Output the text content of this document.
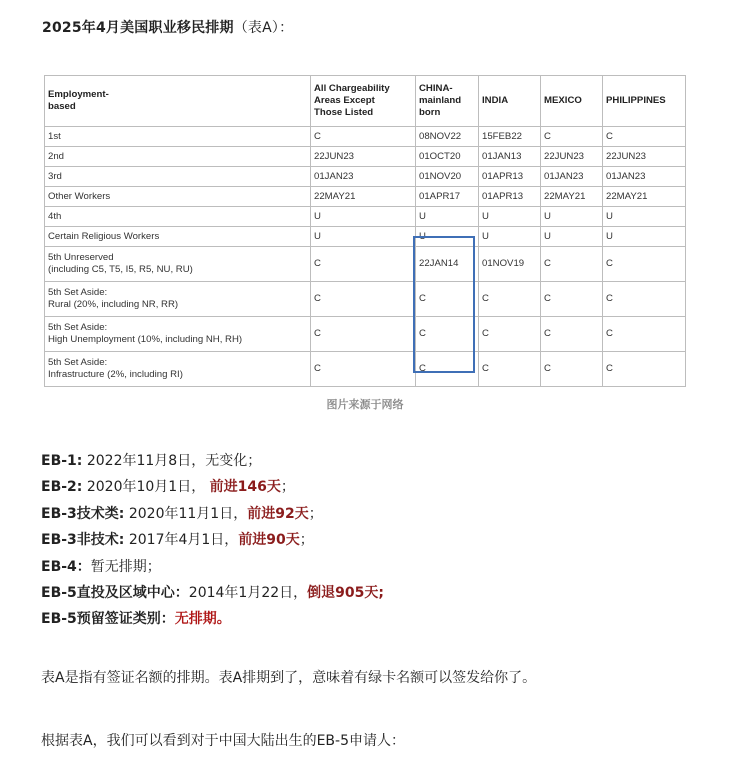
2025年4月美国职业移民排期（表A）：
Employment-
based	All Chargeability
Areas Except
Those Listed	CHINA-
mainland
born	INDIA	MEXICO	PHILIPPINES
1st	C	08NOV22	15FEB22	C	C
2nd	22JUN23	01OCT20	01JAN13	22JUN23	22JUN23
3rd	01JAN23	01NOV20	01APR13	01JAN23	01JAN23
Other Workers	22MAY21	01APR17	01APR13	22MAY21	22MAY21
4th	U	U	U	U	U
Certain Religious Workers	U	U	U	U	U
5th Unreserved
(including C5, T5, I5, R5, NU, RU)	C	22JAN14	01NOV19	C	C
5th Set Aside:
Rural (20%, including NR, RR)	C	C	C	C	C
5th Set Aside:
High Unemployment (10%, including NH, RH)	C	C	C	C	C
5th Set Aside:
Infrastructure (2%, including RI)	C	C	C	C	C
图片来源于网络
EB-1: 2022年11月8日，无变化；
EB-2: 2020年10月1日， 前进146天；
EB-3技术类: 2020年11月1日，前进92天；
EB-3非技术: 2017年4月1日，前进90天；
EB-4：暂无排期；
EB-5直投及区域中心：2014年1月22日，倒退905天;
EB-5预留签证类别：无排期。
表A是指有签证名额的排期。表A排期到了，意味着有绿卡名额可以签发给你了。
根据表A，我们可以看到对于中国大陆出生的EB-5申请人：
